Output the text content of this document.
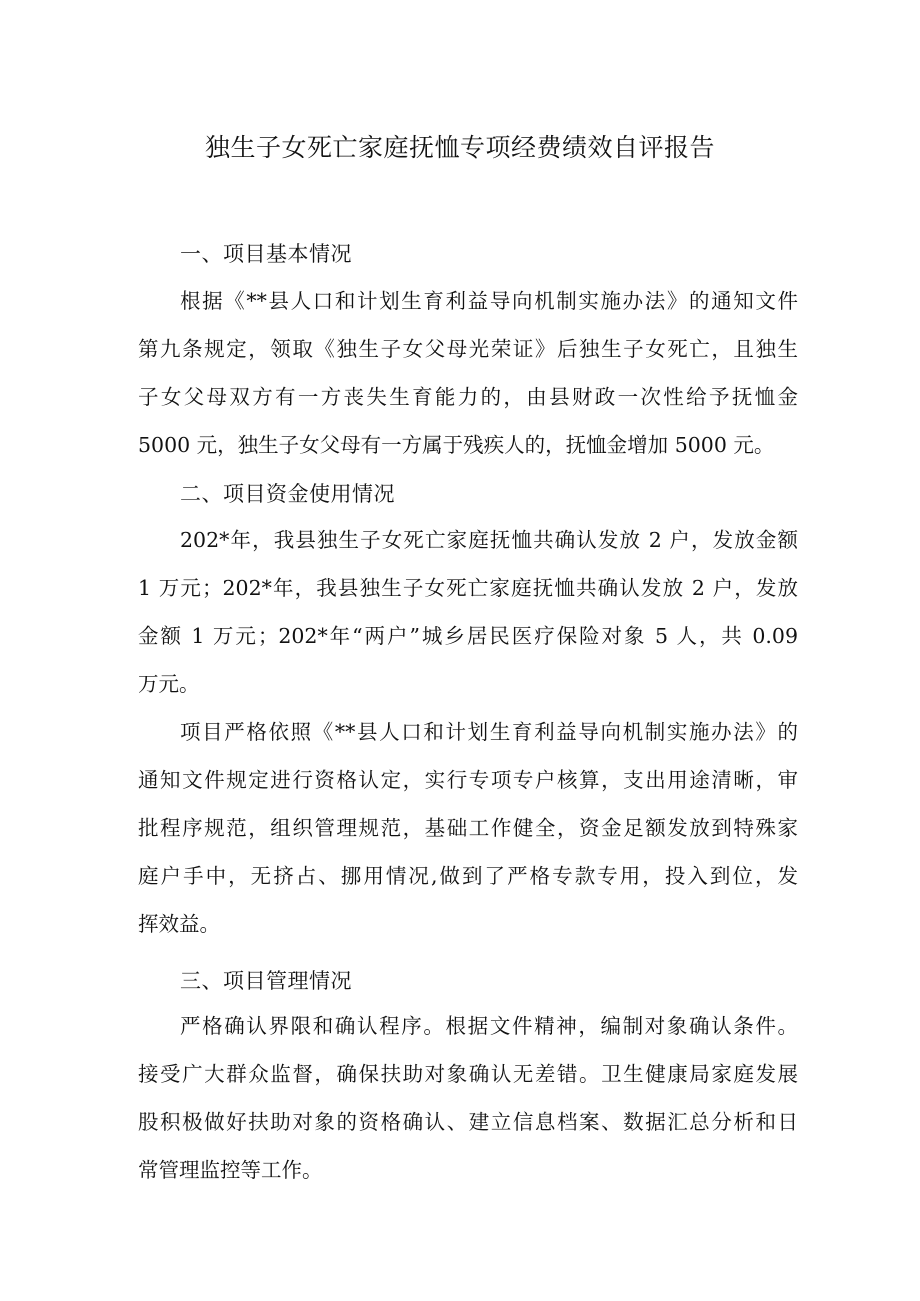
独生子女死亡家庭抚恤专项经费绩效自评报告
一、项目基本情况
根据《**县人口和计划生育利益导向机制实施办法》的通知文件
第九条规定，领取《独生子女父母光荣证》后独生子女死亡，且独生
子女父母双方有一方丧失生育能力的，由县财政一次性给予抚恤金
5000 元，独生子女父母有一方属于残疾人的，抚恤金增加 5000 元。
二、项目资金使用情况
202*年，我县独生子女死亡家庭抚恤共确认发放 2 户，发放金额
1 万元；202*年，我县独生子女死亡家庭抚恤共确认发放 2 户，发放
金额 1 万元；202*年“两户”城乡居民医疗保险对象 5 人，共 0.09
万元。
项目严格依照《**县人口和计划生育利益导向机制实施办法》的
通知文件规定进行资格认定，实行专项专户核算，支出用途清晰，审
批程序规范，组织管理规范，基础工作健全，资金足额发放到特殊家
庭户手中，无挤占、挪用情况,做到了严格专款专用，投入到位，发
挥效益。
三、项目管理情况
严格确认界限和确认程序。根据文件精神，编制对象确认条件。
接受广大群众监督，确保扶助对象确认无差错。卫生健康局家庭发展
股积极做好扶助对象的资格确认、建立信息档案、数据汇总分析和日
常管理监控等工作。
